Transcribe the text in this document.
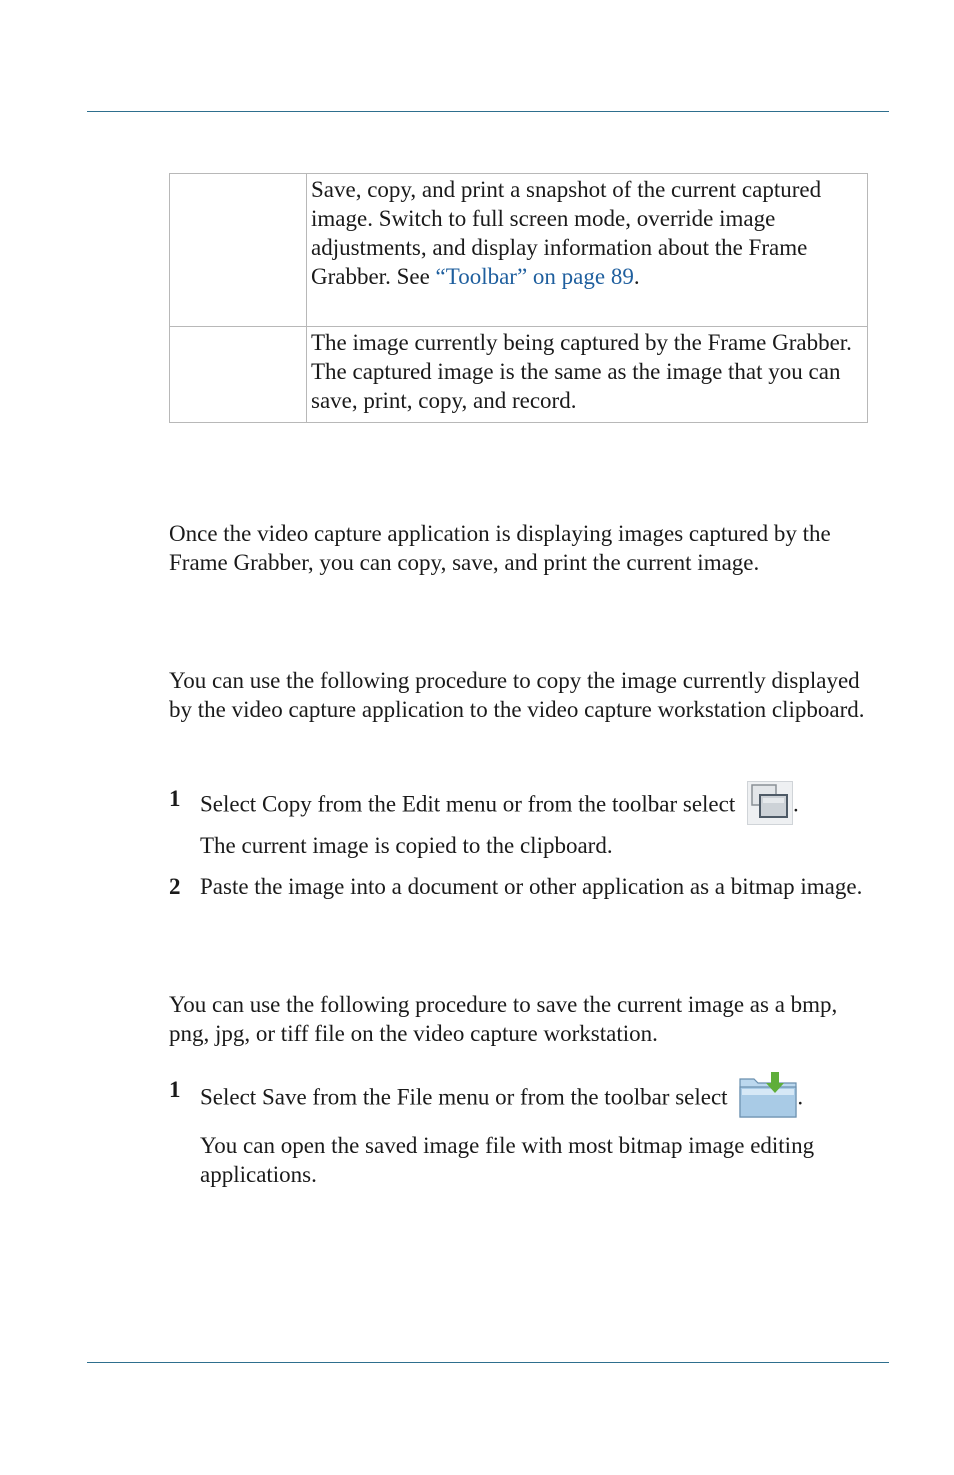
	Save, copy, and print a snapshot of the current captured image. Switch to full screen mode, override image adjustments, and display information about the Frame Grabber. See “Toolbar” on page 89.
	The image currently being captured by the Frame Grabber. The captured image is the same as the image that you can save, print, copy, and record.

Once the video capture application is displaying images captured by the Frame Grabber, you can copy, save, and print the current image.

You can use the following procedure to copy the image currently displayed by the video capture application to the video capture workstation clipboard.

1 Select Copy from the Edit menu or from the toolbar select .

The current image is copied to the clipboard.

2 Paste the image into a document or other application as a bitmap image.

You can use the following procedure to save the current image as a bmp, png, jpg, or tiff file on the video capture workstation.

1 Select Save from the File menu or from the toolbar select	.

You can open the saved image file with most bitmap image editing applications.
